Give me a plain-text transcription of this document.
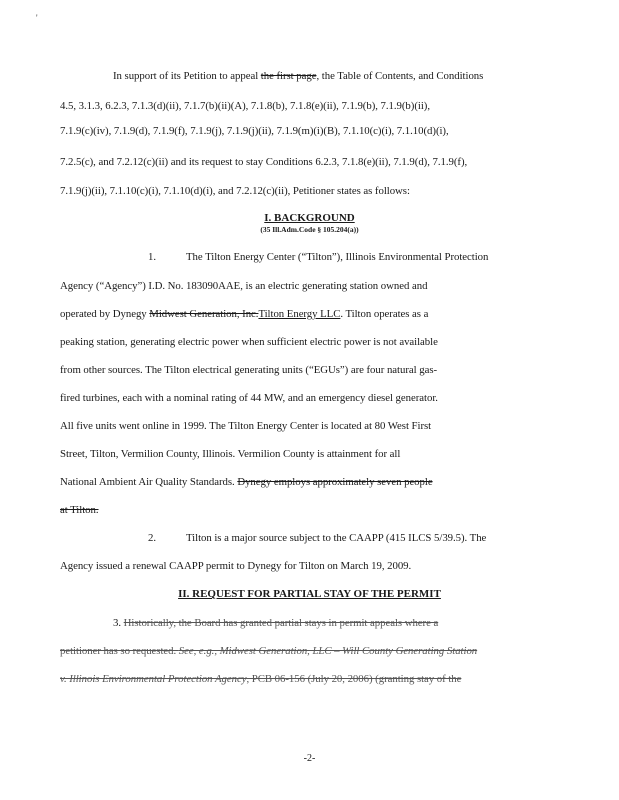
'
In support of its Petition to appeal the first page, the Table of Contents, and Conditions
4.5, 3.1.3, 6.2.3, 7.1.3(d)(ii), 7.1.7(b)(ii)(A), 7.1.8(b), 7.1.8(e)(ii), 7.1.9(b), 7.1.9(b)(ii),
7.1.9(c)(iv), 7.1.9(d), 7.1.9(f), 7.1.9(j), 7.1.9(j)(ii), 7.1.9(m)(i)(B), 7.1.10(c)(i), 7.1.10(d)(i),
7.2.5(c), and 7.2.12(c)(ii) and its request to stay Conditions 6.2.3, 7.1.8(e)(ii), 7.1.9(d), 7.1.9(f),
7.1.9(j)(ii), 7.1.10(c)(i), 7.1.10(d)(i), and 7.2.12(c)(ii), Petitioner states as follows:
I. BACKGROUND
(35 Ill.Adm.Code § 105.204(a))
1.	The Tilton Energy Center (“Tilton”), Illinois Environmental Protection
Agency (“Agency”) I.D. No. 183090AAE, is an electric generating station owned and
operated by Dynegy Midwest Generation, Inc.Tilton Energy LLC. Tilton operates as a
peaking station, generating electric power when sufficient electric power is not available
from other sources. The Tilton electrical generating units (“EGUs”) are four natural gas-
fired turbines, each with a nominal rating of 44 MW, and an emergency diesel generator.
All five units went online in 1999. The Tilton Energy Center is located at 80 West First
Street, Tilton, Vermilion County, Illinois. Vermilion County is attainment for all
National Ambient Air Quality Standards. Dynegy employs approximately seven people
at Tilton.
2.	Tilton is a major source subject to the CAAPP (415 ILCS 5/39.5). The
Agency issued a renewal CAAPP permit to Dynegy for Tilton on March 19, 2009.
II. REQUEST FOR PARTIAL STAY OF THE PERMIT
3. Historically, the Board has granted partial stays in permit appeals where a
petitioner has so requested. See, e.g., Midwest Generation, LLC – Will County Generating Station
v. Illinois Environmental Protection Agency, PCB 06-156 (July 20, 2006) (granting stay of the
-2-
